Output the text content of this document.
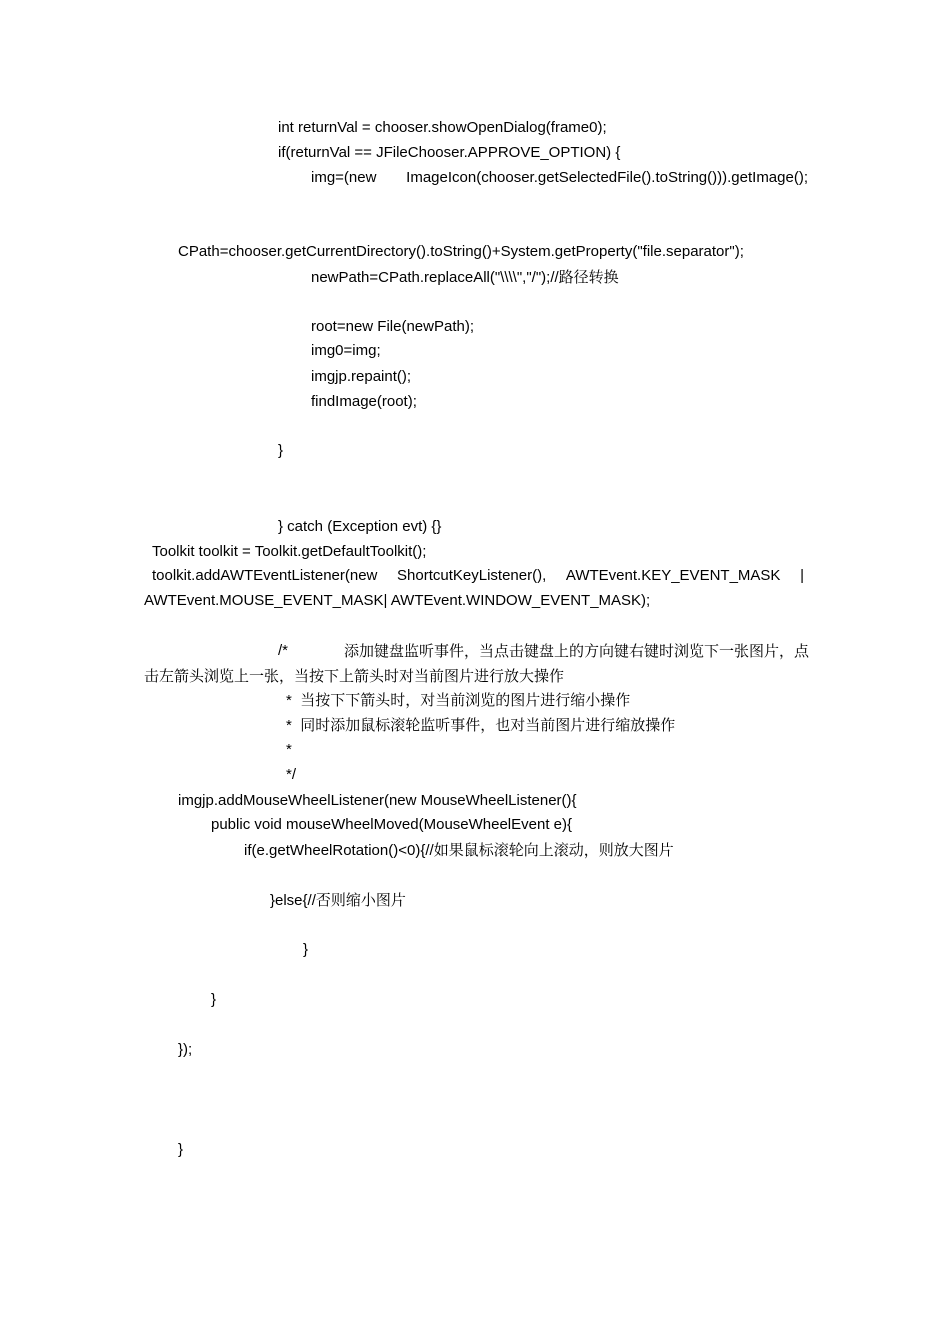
int returnVal = chooser.showOpenDialog(frame0);
if(returnVal == JFileChooser.APPROVE_OPTION) {
img=(new ImageIcon(chooser.getSelectedFile().toString())).getImage();
CPath=chooser.getCurrentDirectory().toString()+System.getProperty("file.separator");
newPath=CPath.replaceAll("\\\\","/");//路径转换
root=new File(newPath);
img0=img;
imgjp.repaint();
findImage(root);
}
} catch (Exception evt) {}
Toolkit toolkit = Toolkit.getDefaultToolkit();
toolkit.addAWTEventListener(new ShortcutKeyListener(), AWTEvent.KEY_EVENT_MASK |
AWTEvent.MOUSE_EVENT_MASK| AWTEvent.WINDOW_EVENT_MASK);
/*	添加键盘监听事件，当点击键盘上的方向键右键时浏览下一张图片，点
击左箭头浏览上一张，当按下上箭头时对当前图片进行放大操作
* 当按下下箭头时，对当前浏览的图片进行缩小操作
* 同时添加鼠标滚轮监听事件，也对当前图片进行缩放操作
*
*/
imgjp.addMouseWheelListener(new MouseWheelListener(){
public void mouseWheelMoved(MouseWheelEvent e){
if(e.getWheelRotation()<0){//如果鼠标滚轮向上滚动，则放大图片
}else{//否则缩小图片
}
}
});
}
